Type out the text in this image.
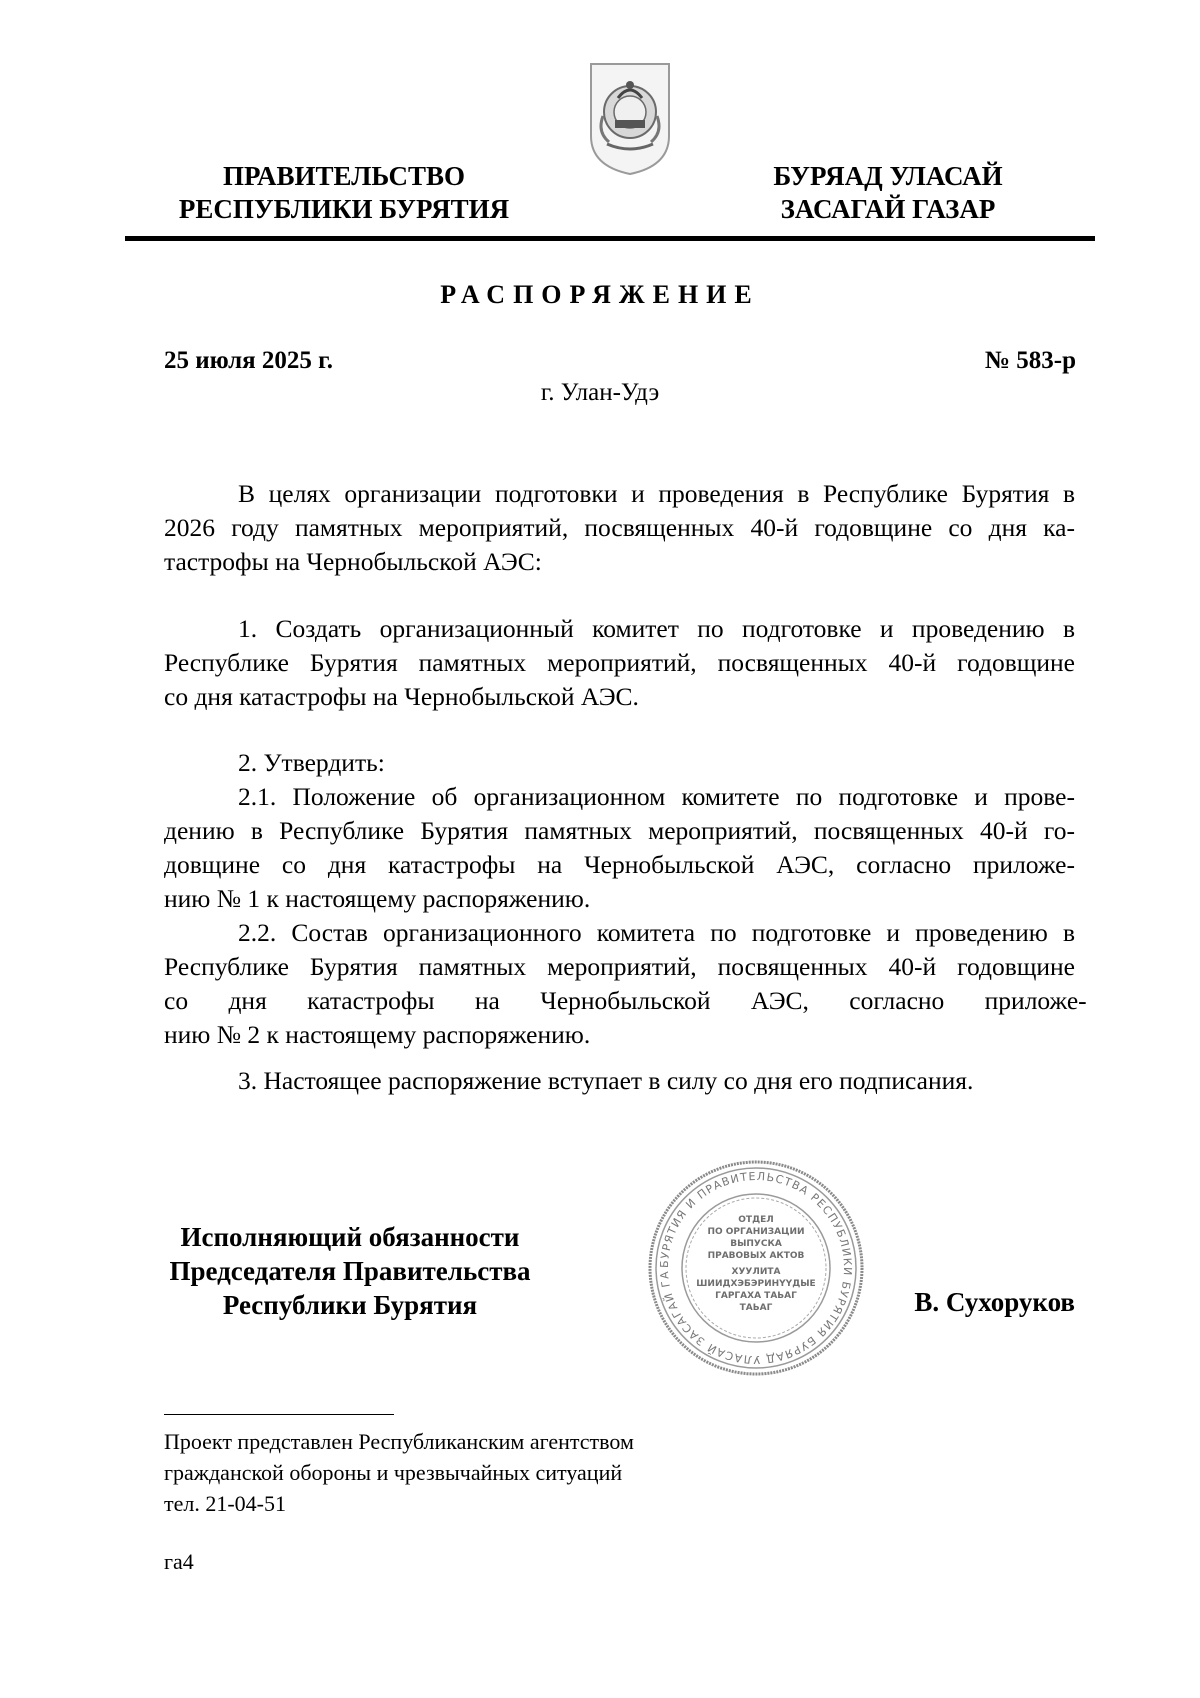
ПРАВИТЕЛЬСТВО
РЕСПУБЛИКИ БУРЯТИЯ
БУРЯАД УЛАСАЙ
ЗАСАГАЙ ГАЗАР
РАСПОРЯЖЕНИЕ
25 июля 2025 г.	№ 583-р
г. Улан-Удэ
В целях организации подготовки и проведения в Республике Бурятия в
2026 году памятных мероприятий, посвященных 40-й годовщине со дня ка-
тастрофы на Чернобыльской АЭС:
1. Создать организационный комитет по подготовке и проведению в
Республике Бурятия памятных мероприятий, посвященных 40-й годовщине
со дня катастрофы на Чернобыльской АЭС.
2. Утвердить:
2.1. Положение об организационном комитете по подготовке и прове-
дению в Республике Бурятия памятных мероприятий, посвященных 40-й го-
довщине со дня катастрофы на Чернобыльской АЭС, согласно приложе-
нию № 1 к настоящему распоряжению.
2.2. Состав организационного комитета по подготовке и проведению в
Республике Бурятия памятных мероприятий, посвященных 40-й годовщине
со дня катастрофы на Чернобыльской АЭС, согласно приложе-
нию № 2 к настоящему распоряжению.
3. Настоящее распоряжение вступает в силу со дня его подписания.
Исполняющий обязанности
Председателя Правительства
Республики Бурятия
БУРЯТИЯ И ПРАВИТЕЛЬСТВА РЕСПУБЛИКИ БУРЯТИЯ БУРЯАД УЛАСАЙ ЗАСАГАЙ ГА
ОТДЕЛ
ПО ОРГАНИЗАЦИИ
ВЫПУСКА
ПРАВОВЫХ АКТОВ
ХУУЛИТА
ШИИДХЭБЭРИНҮҮДЫЕ
ГАРГАХА ТАЬАГ
ТАЬАГ	В. Сухоруков
Проект представлен Республиканским агентством
гражданской обороны и чрезвычайных ситуаций
тел. 21-04-51
га4
